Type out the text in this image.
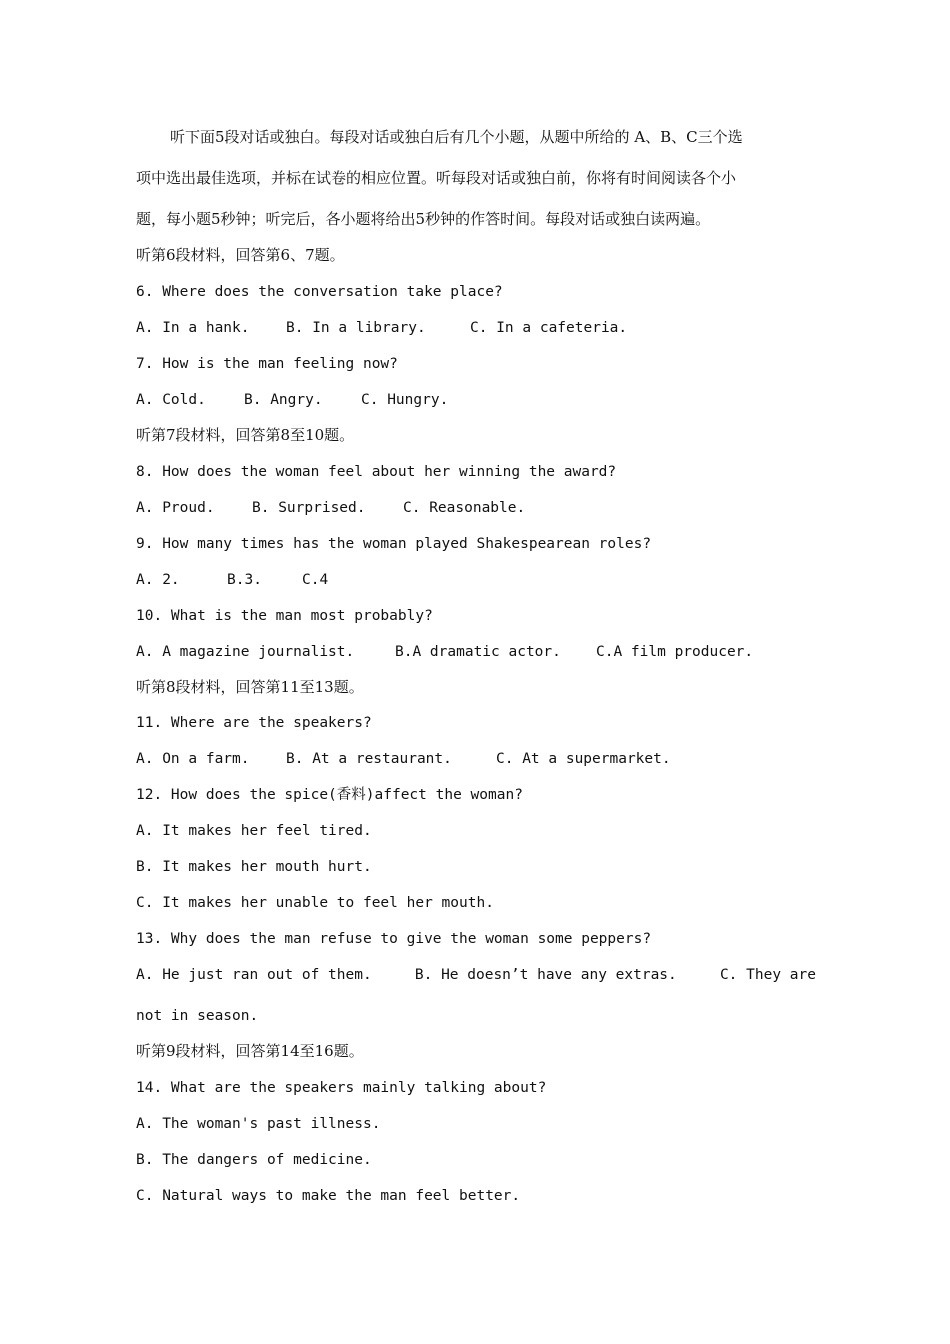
听下面5段对话或独白。每段对话或独白后有几个小题，从题中所给的 A、B、C三个选
项中选出最佳选项，并标在试卷的相应位置。听每段对话或独白前，你将有时间阅读各个小
题，每小题5秒钟；听完后，各小题将给出5秒钟的作答时间。每段对话或独白读两遍。
听第6段材料，回答第6、7题。
6. Where does the conversation take place?
A. In a hank.	B. In a library.	C. In a cafeteria.
7. How is the man feeling now?
A. Cold.	B. Angry.	C. Hungry.
听第7段材料，回答第8至10题。
8. How does the woman feel about her winning the award?
A. Proud.	B. Surprised.	C. Reasonable.
9. How many times has the woman played Shakespearean roles?
A. 2.	B.3.	C.4
10. What is the man most probably?
A. A magazine journalist.	B.A dramatic actor. C.A film producer.
听第8段材料，回答第11至13题。
11. Where are the speakers?
A. On a farm.	B. At a restaurant.	C. At a supermarket.
12. How does the spice(香料)affect the woman?
A. It makes her feel tired.
B. It makes her mouth hurt.
C. It makes her unable to feel her mouth.
13. Why does the man refuse to give the woman some peppers?
A. He just ran out of them.	B. He doesn’t have any extras.	C. They are
not in season.
听第9段材料，回答第14至16题。
14. What are the speakers mainly talking about?
A. The woman's past illness.
B. The dangers of medicine.
C. Natural ways to make the man feel better.
